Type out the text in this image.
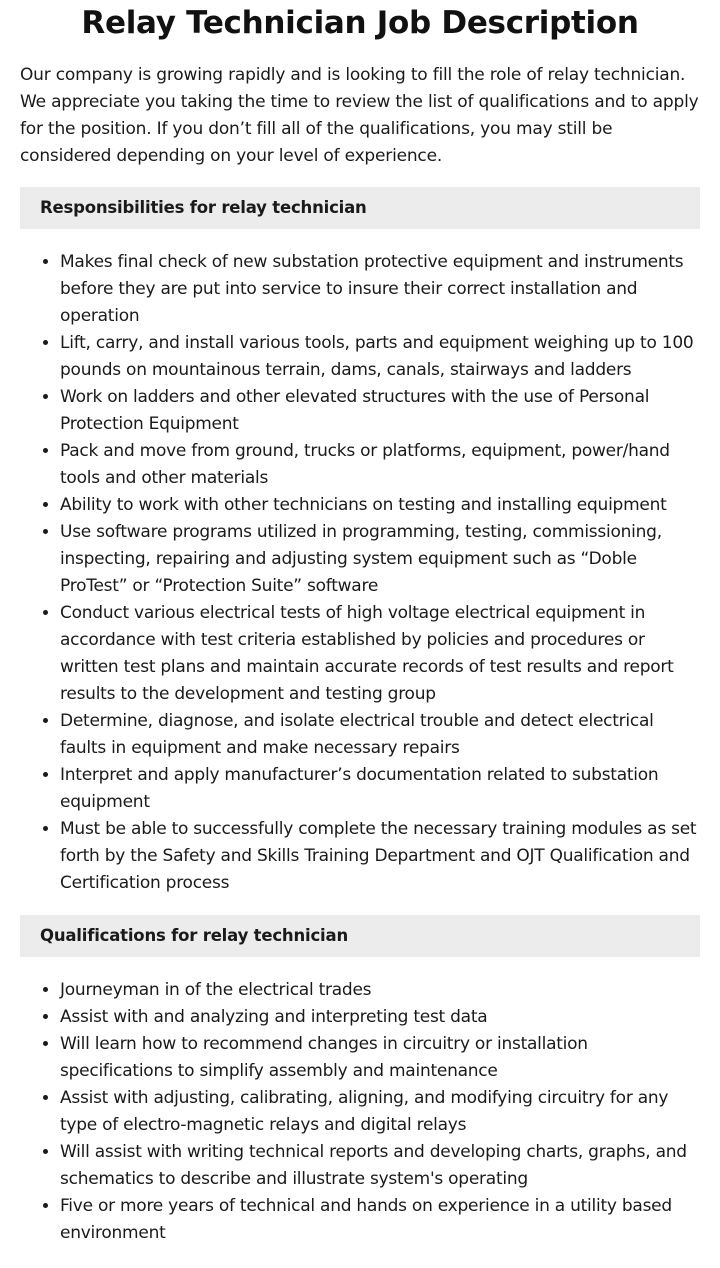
Relay Technician Job Description

Our company is growing rapidly and is looking to fill the role of relay technician. We appreciate you taking the time to review the list of qualifications and to apply for the position. If you don’t fill all of the qualifications, you may still be considered depending on your level of experience.

Responsibilities for relay technician
• Makes final check of new substation protective equipment and instruments before they are put into service to insure their correct installation and operation
• Lift, carry, and install various tools, parts and equipment weighing up to 100 pounds on mountainous terrain, dams, canals, stairways and ladders
• Work on ladders and other elevated structures with the use of Personal Protection Equipment
• Pack and move from ground, trucks or platforms, equipment, power/hand tools and other materials
• Ability to work with other technicians on testing and installing equipment
• Use software programs utilized in programming, testing, commissioning, inspecting, repairing and adjusting system equipment such as “Doble ProTest” or “Protection Suite” software
• Conduct various electrical tests of high voltage electrical equipment in accordance with test criteria established by policies and procedures or written test plans and maintain accurate records of test results and report results to the development and testing group
• Determine, diagnose, and isolate electrical trouble and detect electrical faults in equipment and make necessary repairs
• Interpret and apply manufacturer’s documentation related to substation equipment
• Must be able to successfully complete the necessary training modules as set forth by the Safety and Skills Training Department and OJT Qualification and Certification process
Qualifications for relay technician
• Journeyman in of the electrical trades
• Assist with and analyzing and interpreting test data
• Will learn how to recommend changes in circuitry or installation specifications to simplify assembly and maintenance
• Assist with adjusting, calibrating, aligning, and modifying circuitry for any type of electro-magnetic relays and digital relays
• Will assist with writing technical reports and developing charts, graphs, and schematics to describe and illustrate system's operating
• Five or more years of technical and hands on experience in a utility based environment
